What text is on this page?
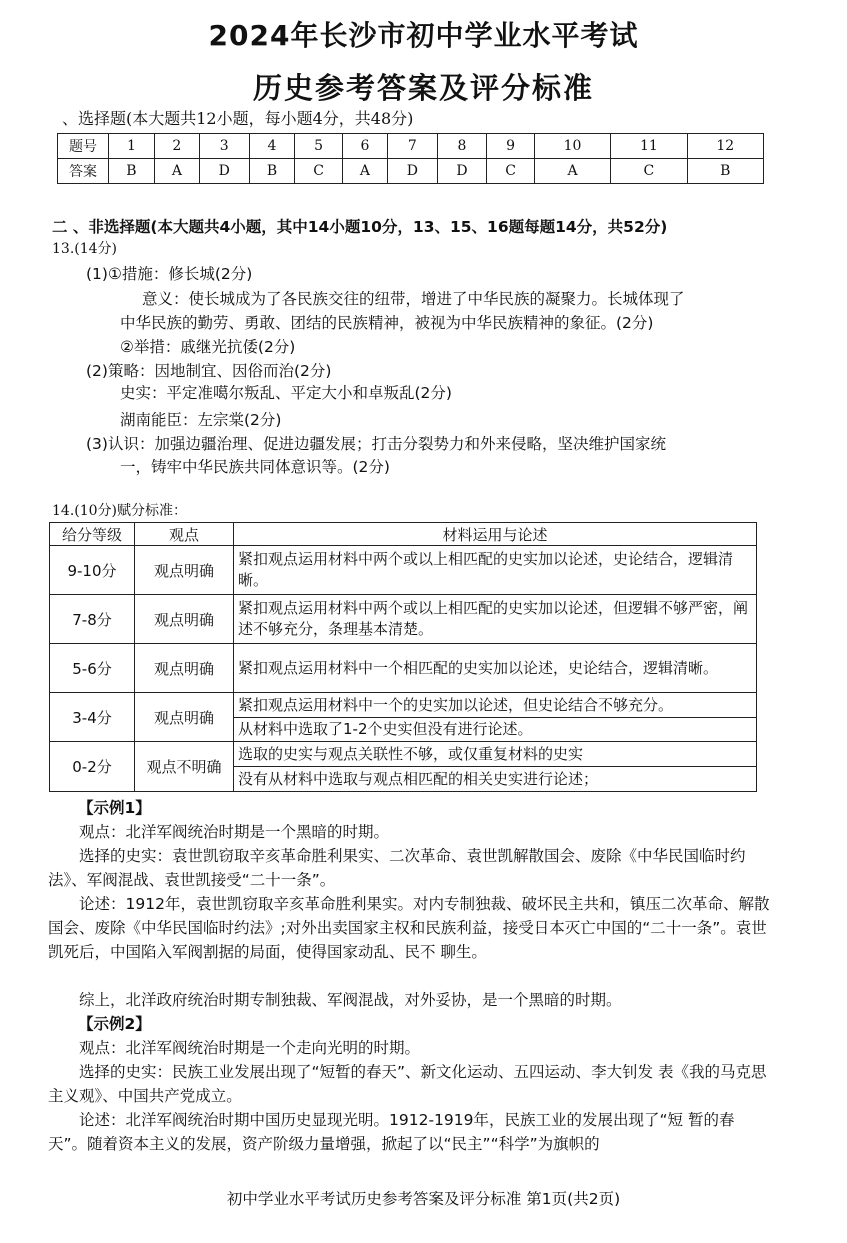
2024年长沙市初中学业水平考试
历史参考答案及评分标准
、选择题(本大题共12小题，每小题4分，共48分)
题号	1	2	3	4	5	6	7	8	9	10	11	12
答案	B	A	D	B	C	A	D	D	C	A	C	B
二 、非选择题(本大题共4小题，其中14小题10分，13、15、16题每题14分，共52分)
13.(14分)
(1)①措施：修长城(2分)
意义：使长城成为了各民族交往的纽带，增进了中华民族的凝聚力。长城体现了
中华民族的勤劳、勇敢、团结的民族精神，被视为中华民族精神的象征。(2分)
②举措：戚继光抗倭(2分)
(2)策略：因地制宜、因俗而治(2分)
史实：平定准噶尔叛乱、平定大小和卓叛乱(2分)
湖南能臣：左宗棠(2分)
(3)认识：加强边疆治理、促进边疆发展；打击分裂势力和外来侵略，坚决维护国家统
一，铸牢中华民族共同体意识等。(2分)
14.(10分)赋分标准：
给分等级	观点	材料运用与论述
9-10分	观点明确	紧扣观点运用材料中两个或以上相匹配的史实加以论述，史论结合，逻辑清晰。
7-8分	观点明确	紧扣观点运用材料中两个或以上相匹配的史实加以论述，但逻辑不够严密，阐述不够充分，条理基本清楚。
5-6分	观点明确	紧扣观点运用材料中一个相匹配的史实加以论述，史论结合，逻辑清晰。
3-4分	观点明确	紧扣观点运用材料中一个的史实加以论述，但史论结合不够充分。
		从材料中选取了1-2个史实但没有进行论述。
0-2分	观点不明确	选取的史实与观点关联性不够，或仅重复材料的史实
		没有从材料中选取与观点相匹配的相关史实进行论述；
【示例1】
观点：北洋军阀统治时期是一个黑暗的时期。
选择的史实：袁世凯窃取辛亥革命胜利果实、二次革命、袁世凯解散国会、废除《中华民国临时约法》、军阀混战、袁世凯接受“二十一条”。
论述：1912年，袁世凯窃取辛亥革命胜利果实。对内专制独裁、破坏民主共和，镇压二次革命、解散国会、废除《中华民国临时约法》;对外出卖国家主权和民族利益，接受日本灭亡中国的“二十一条”。袁世凯死后，中国陷入军阀割据的局面，使得国家动乱、民不 聊生。
综上，北洋政府统治时期专制独裁、军阀混战，对外妥协，是一个黑暗的时期。
【示例2】
观点：北洋军阀统治时期是一个走向光明的时期。
选择的史实：民族工业发展出现了“短暂的春天”、新文化运动、五四运动、李大钊发 表《我的马克思主义观》、中国共产党成立。
论述：北洋军阀统治时期中国历史显现光明。1912-1919年，民族工业的发展出现了“短 暂的春天”。随着资本主义的发展，资产阶级力量增强，掀起了以“民主”“科学”为旗帜的
初中学业水平考试历史参考答案及评分标准 第1页(共2页)
